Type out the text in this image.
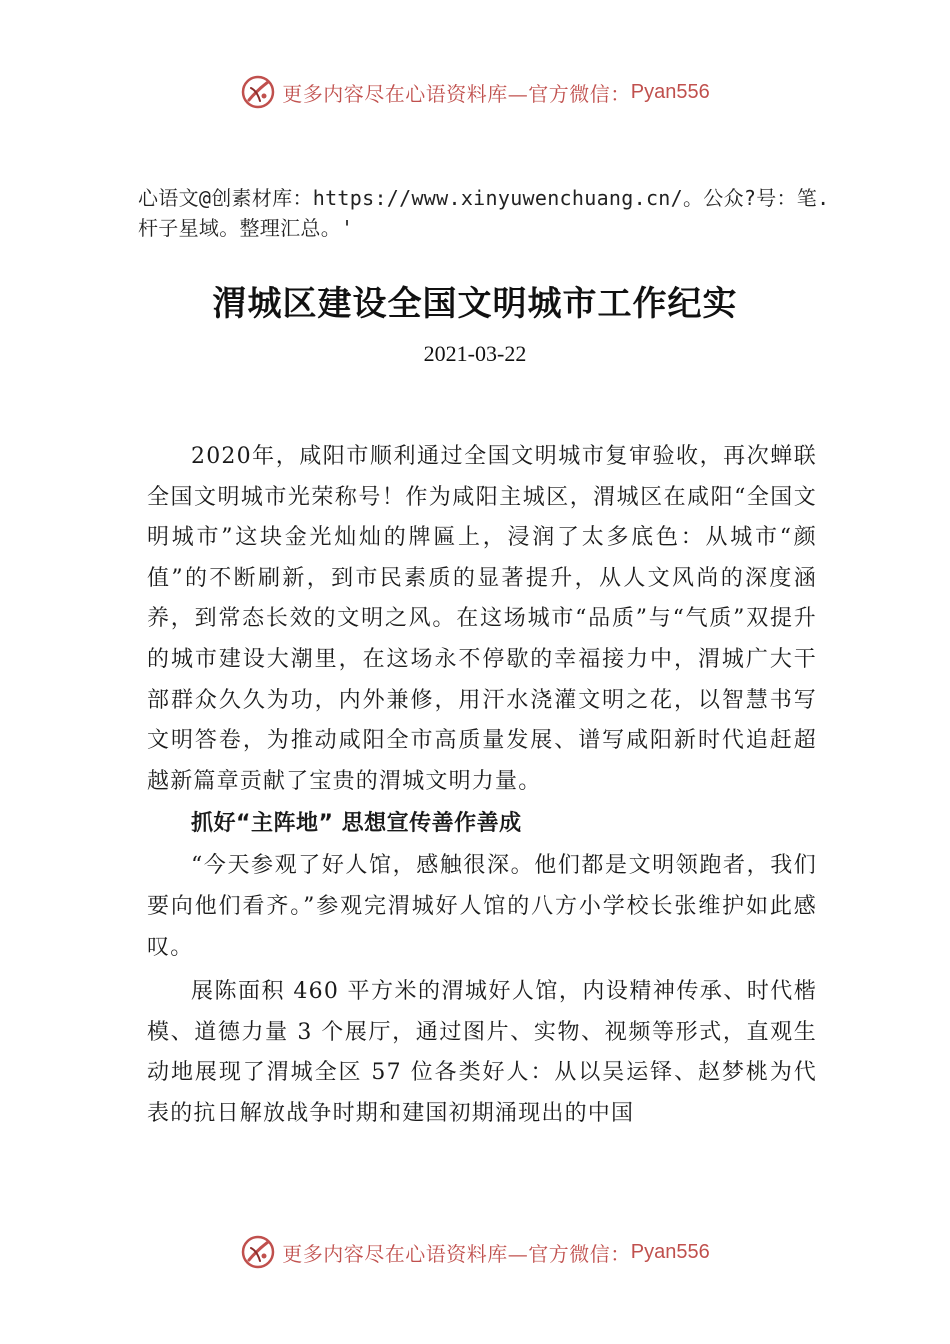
更多内容尽在心语资料库—官方微信： Pyan556
心语文@创素材库：https://www.xinyuwenchuang.cn/。公众?号：笔.杆子星域。整理汇总。'
渭城区建设全国文明城市工作纪实
2021-03-22

2020年，咸阳市顺利通过全国文明城市复审验收，再次蝉联全国文明城市光荣称号！作为咸阳主城区，渭城区在咸阳“全国文明城市”这块金光灿灿的牌匾上，浸润了太多底色：从城市“颜值”的不断刷新，到市民素质的显著提升，从人文风尚的深度涵养，到常态长效的文明之风。在这场城市“品质”与“气质”双提升的城市建设大潮里，在这场永不停歇的幸福接力中，渭城广大干部群众久久为功，内外兼修，用汗水浇灌文明之花，以智慧书写文明答卷，为推动咸阳全市高质量发展、谱写咸阳新时代追赶超越新篇章贡献了宝贵的渭城文明力量。

抓好“主阵地” 思想宣传善作善成

“今天参观了好人馆，感触很深。他们都是文明领跑者，我们要向他们看齐。”参观完渭城好人馆的八方小学校长张维护如此感叹。

展陈面积 460 平方米的渭城好人馆，内设精神传承、时代楷模、道德力量 3 个展厅，通过图片、实物、视频等形式，直观生动地展现了渭城全区 57 位各类好人：从以吴运铎、赵梦桃为代表的抗日解放战争时期和建国初期涌现出的中国

更多内容尽在心语资料库—官方微信： Pyan556
